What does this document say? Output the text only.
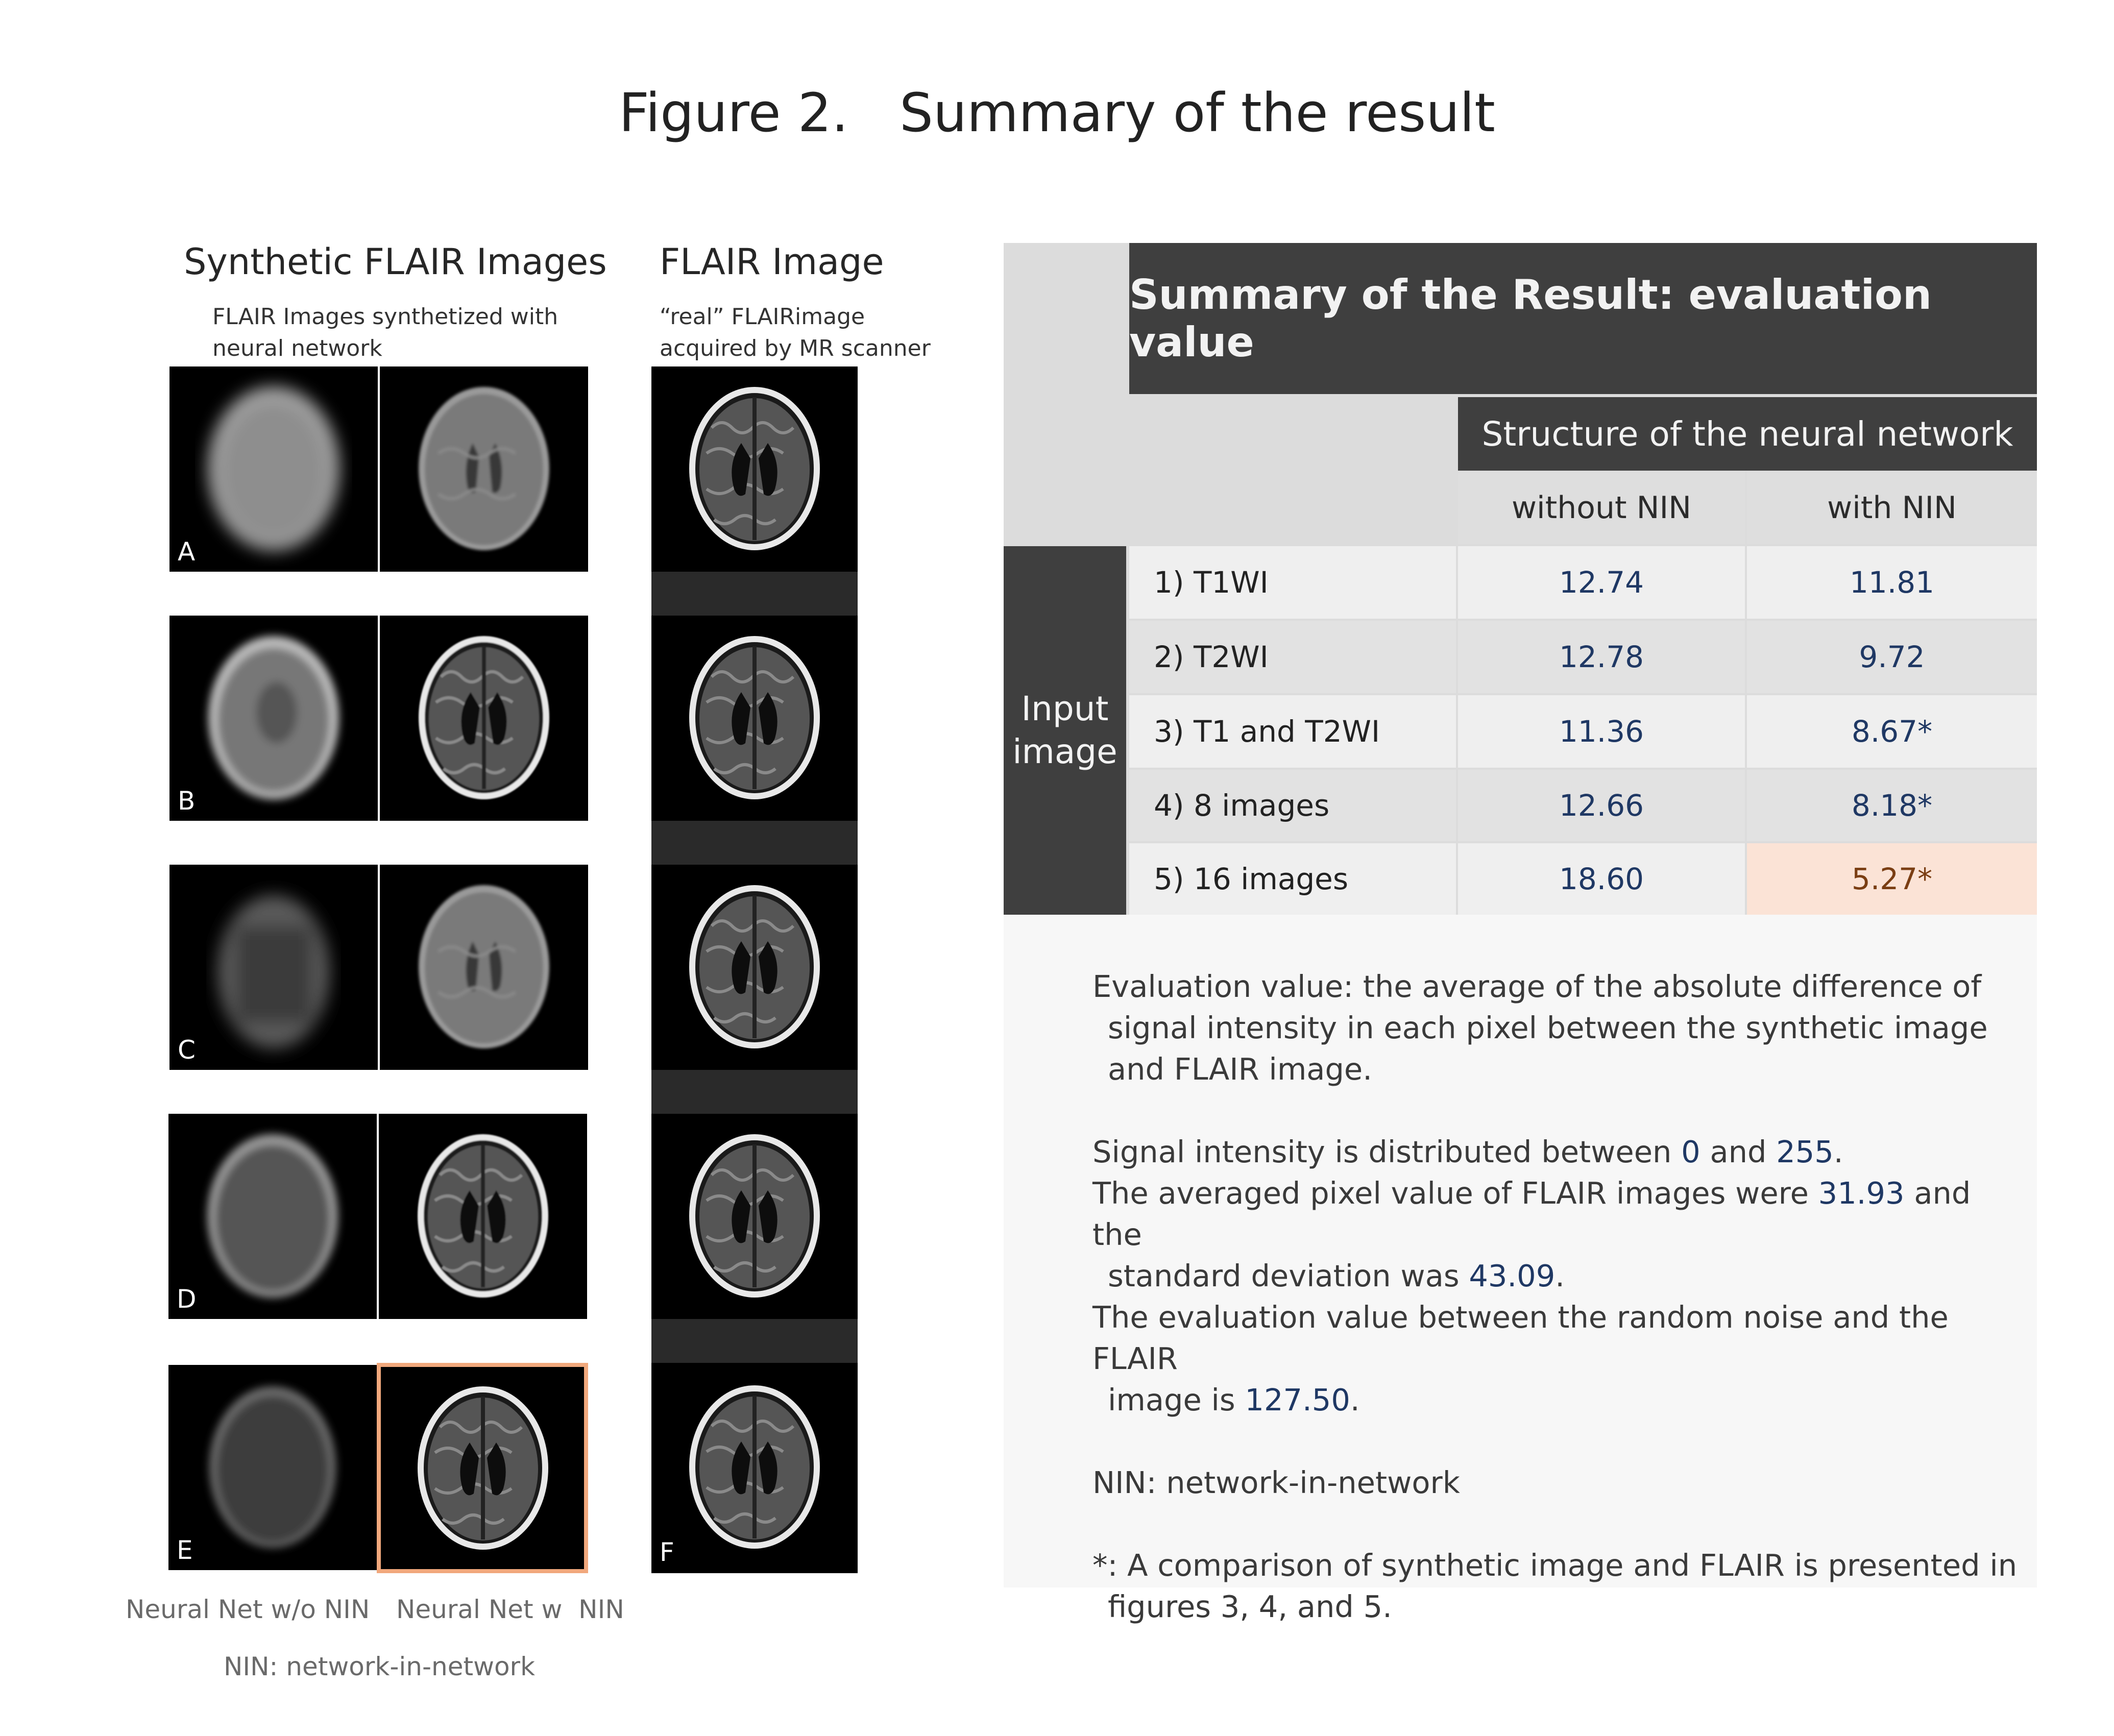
Figure 2. Summary of the result
Synthetic FLAIR Images
FLAIR Images synthetized with
neural network
FLAIR Image
“real” FLAIRimage
acquired by MR scanner
A
B
C
D
E	F
Neural Net w/o NIN Neural Net w  NIN
NIN: network-in-network
Summary of the Result: evaluation value
Structure of the neural network
without NIN	with NIN
Input
image
1) T1WI	12.74	11.81
2) T2WI	12.78	9.72
3) T1 and T2WI	11.36	8.67*
4) 8 images	12.66	8.18*
5) 16 images	18.60	5.27*
Evaluation value: the average of the absolute difference of
signal intensity in each pixel between the synthetic image
and FLAIR image.
Signal intensity is distributed between 0 and 255.
The averaged pixel value of FLAIR images were 31.93 and the
standard deviation was 43.09.
The evaluation value between the random noise and the FLAIR
image is 127.50.
NIN: network-in-network
*: A comparison of synthetic image and FLAIR is presented in
figures 3, 4, and 5.
